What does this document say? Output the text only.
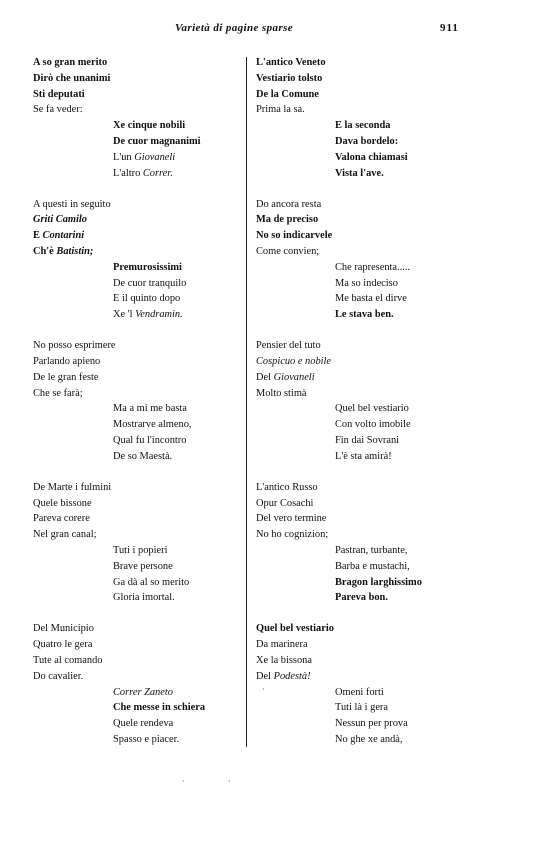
Varietà di pagine sparse	911
A so gran merito
Dirò che unanimi
Sti deputati
Se fa veder:
Xe cinque nobili
De cuor magnanimi
L'un Giovaneli
L'altro Correr.
A questi in seguito
Griti Camilo
E Contarini
Ch'è Batistin;
Premurosissimi
De cuor tranquilo
E il quinto dopo
Xe 'l Vendramin.
No posso esprimere
Parlando apieno
De le gran feste
Che se farà;
Ma a mi me basta
Mostrarve almeno,
Qual fu l'incontro
De so Maestà.
De Marte i fulmini
Quele bissone
Pareva corere
Nel gran canal;
Tuti i popieri
Brave persone
Ga dà al so merito
Gloria imortal.
Del Municipio
Quatro le gera
Tute al comando
Do cavalier.
Correr Zaneto
Che messe in schiera
Quele rendeva
Spasso e piacer.
L'antico Veneto
Vestiario tolsto
De la Comune
Prima la sa.
E la seconda
Dava bordelo:
Valona chiamasi
Vista l'ave.
Do ancora resta
Ma de preciso
No so indicarvele
Come convien;
Che rapresenta.....
Ma so indeciso
Me basta el dirve
Le stava ben.
Pensier del tuto
Cospicuo e nobile
Del Giovaneli
Molto stimà
Quel bel vestiario
Con volto imobile
Fin dai Sovrani
L'è sta amirà!
L'antico Russo
Opur Cosachi
Del vero termine
No ho cognizion;
Pastran, turbante,
Barba e mustachi,
Bragon larghissimo
Pareva bon.
Quel bel vestiario
Da marinera
Xe la bissona
Del Podestà!
Omeni forti
Tuti là i gera
Nessun per prova
No ghe xe andà,
·	·
·
